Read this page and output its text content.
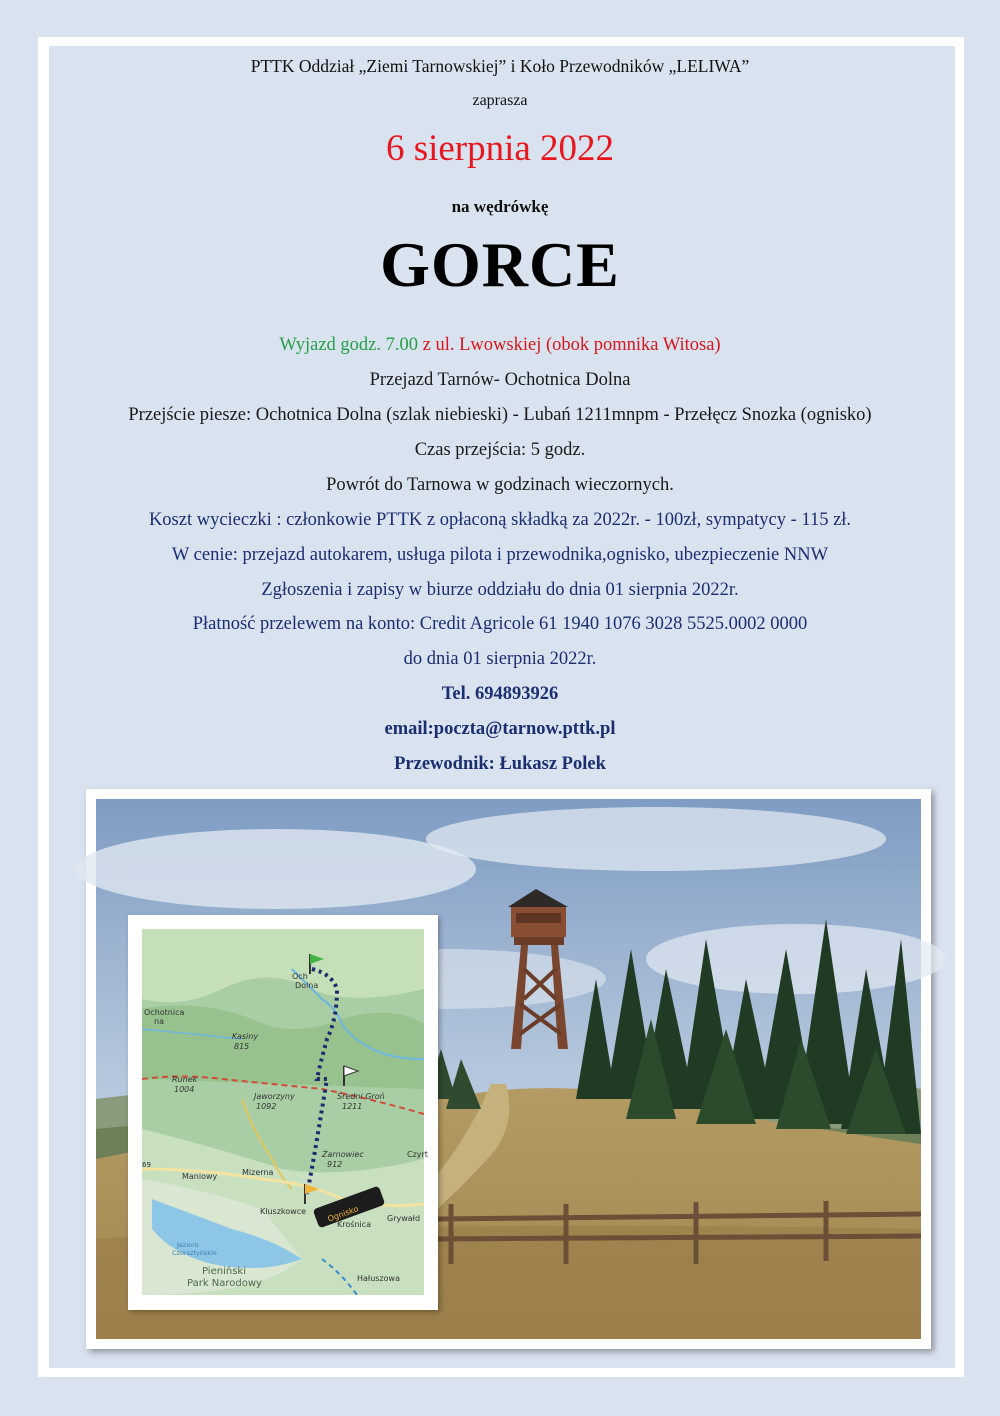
PTTK Oddział „Ziemi Tarnowskiej” i Koło Przewodników „LELIWA”
zaprasza
6 sierpnia 2022
na wędrówkę
GORCE
Wyjazd godz. 7.00 z ul. Lwowskiej (obok pomnika Witosa)
Przejazd Tarnów- Ochotnica Dolna
Przejście piesze: Ochotnica Dolna (szlak niebieski) - Lubań 1211mnpm - Przełęcz Snozka (ognisko)
Czas przejścia: 5 godz.
Powrót do Tarnowa w godzinach wieczornych.
Koszt wycieczki : członkowie PTTK z opłaconą składką za 2022r. - 100zł, sympatycy - 115 zł.
W cenie: przejazd autokarem, usługa pilota i przewodnika,ognisko, ubezpieczenie NNW
Zgłoszenia i zapisy w biurze oddziału do dnia 01 sierpnia 2022r.
Płatność przelewem na konto: Credit Agricole 61 1940 1076 3028 5525.0002 0000
do dnia 01 sierpnia 2022r.
Tel. 694893926
email:poczta@tarnow.pttk.pl
Przewodnik: Łukasz Polek
Och
Dolna
Ochotnica
na
Kasiny
815
Runek
1004
Jaworzyny
1092
Średni Groń
1211
Żarnowiec
912
Czyrt
Maniowy	Mizerna
Ognisko
Kluszkowce
Krośnica
Grywałd
Jezioro
Czorsztyńskie
Pieniński
Park Narodowy	Hałuszowa
69
